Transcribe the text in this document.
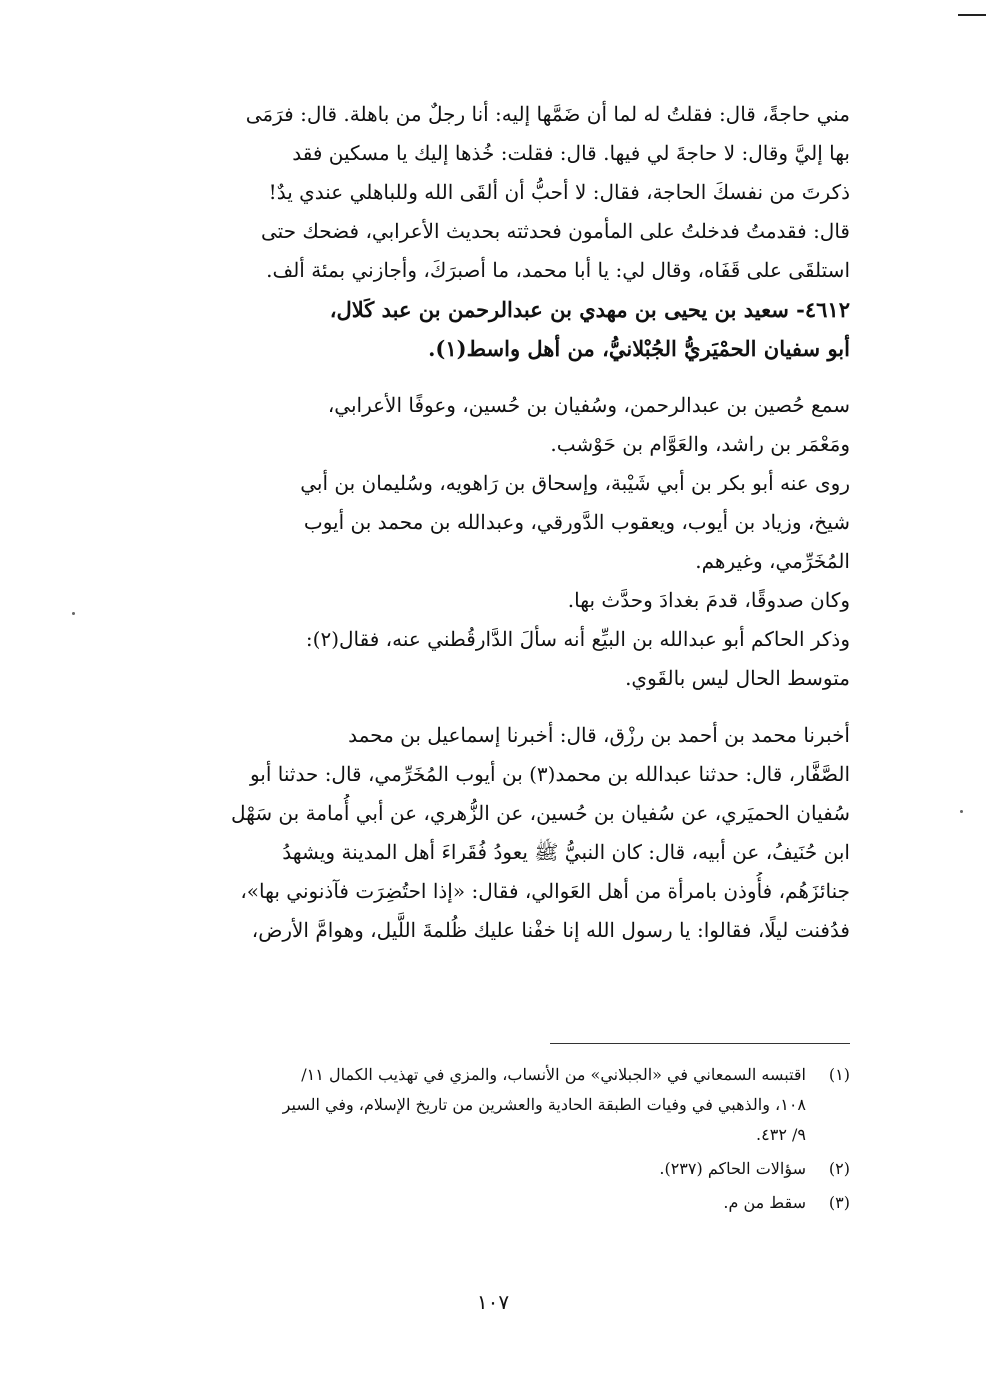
مني حاجةً، قال: فقلتُ له لما أن ضَمَّها إليه: أنا رجلٌ من باهلة. قال: فرَمَى
بها إليَّ وقال: لا حاجةَ لي فيها. قال: فقلت: خُذها إليك يا مسكين فقد
ذكرتَ من نفسكَ الحاجة، فقال: لا أحبُّ أن ألقَى الله وللباهلي عندي يدٌ!
قال: فقدمتُ فدخلتُ على المأمون فحدثته بحديث الأعرابي، فضحك حتى
استلقَى على قَفَاه، وقال لي: يا أبا محمد، ما أصبرَكَ، وأجازني بمئة ألف.
٤٦١٢- سعيد بن يحيى بن مهدي بن عبدالرحمن بن عبد كَلال،
أبو سفيان الحمْيَريُّ الجُبْلانيُّ، من أهل واسط(١).
سمع حُصين بن عبدالرحمن، وسُفيان بن حُسين، وعوفًا الأعرابي،
ومَعْمَر بن راشد، والعَوَّام بن حَوْشب.
روى عنه أبو بكر بن أبي شَيْبة، وإسحاق بن رَاهويه، وسُليمان بن أبي
شيخ، وزياد بن أيوب، ويعقوب الدَّورقي، وعبدالله بن محمد بن أيوب
المُخَرِّمي، وغيرهم.
وكان صدوقًا، قدمَ بغدادَ وحدَّث بها.
وذكر الحاكم أبو عبدالله بن البيِّع أنه سألَ الدَّارقُطني عنه، فقال(٢):
متوسط الحال ليس بالقَوي.
أخبرنا محمد بن أحمد بن رزْق، قال: أخبرنا إسماعيل بن محمد
الصَّفَّار، قال: حدثنا عبدالله بن محمد(٣) بن أيوب المُخَرِّمي، قال: حدثنا أبو
سُفيان الحميَري، عن سُفيان بن حُسين، عن الزُّهري، عن أبي أُمامة بن سَهْل
ابن حُنَيفُ، عن أبيه، قال: كان النبيُّ ﷺ يعودُ فُقَراءَ أهل المدينة ويشهدُ
جنائزَهُم، فأُوذن بامرأة من أهل العَوالي، فقال: «إذا احتُضِرَت فآذنوني بها»،
فدُفنت ليلًا، فقالوا: يا رسول الله إنا خفْنا عليك ظُلمةَ اللَّيل، وهوامَّ الأرض،
(١)اقتبسه السمعاني في «الجبلاني» من الأنساب، والمزي في تهذيب الكمال ١١/
١٠٨، والذهبي في وفيات الطبقة الحادية والعشرين من تاريخ الإسلام، وفي السير
٩/ ٤٣٢.
(٢)سؤالات الحاكم (٢٣٧).
(٣)سقط من م.
١٠٧
